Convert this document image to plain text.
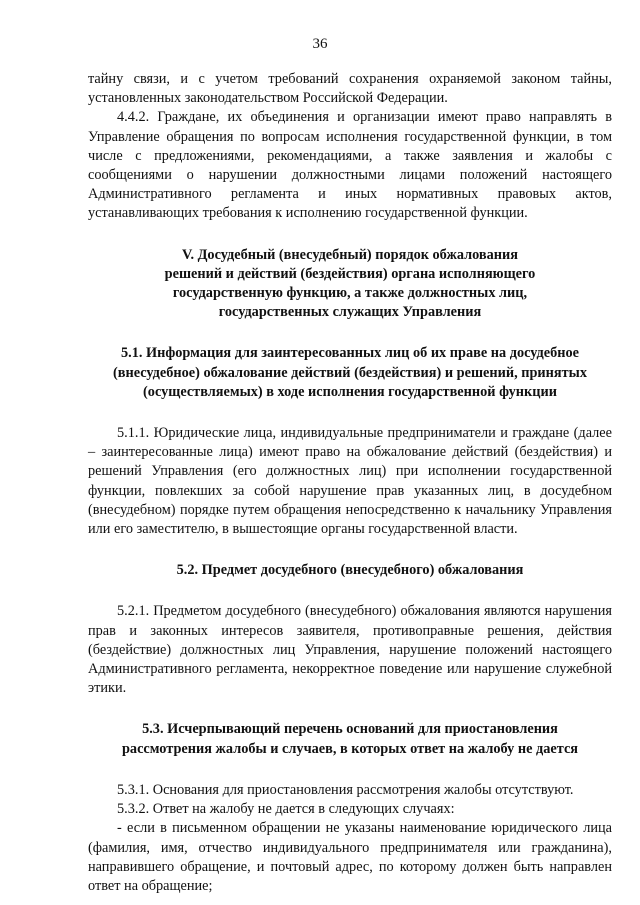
36

тайну связи, и с учетом требований сохранения охраняемой законом тайны, установленных законодательством Российской Федерации.

4.4.2. Граждане, их объединения и организации имеют право направлять в Управление обращения по вопросам исполнения государственной функции, в том числе с предложениями, рекомендациями, а также заявления и жалобы с сообщениями о нарушении должностными лицами положений настоящего Административного регламента и иных нормативных правовых актов, устанавливающих требования к исполнению государственной функции.

V. Досудебный (внесудебный) порядок обжалования

решений и действий (бездействия) органа исполняющего

государственную функцию, а также должностных лиц,

государственных служащих Управления

5.1. Информация для заинтересованных лиц об их праве на досудебное

(внесудебное) обжалование действий (бездействия) и решений, принятых

(осуществляемых) в ходе исполнения государственной функции

5.1.1. Юридические лица, индивидуальные предприниматели и граждане (далее – заинтересованные лица) имеют право на обжалование действий (бездействия) и решений Управления (его должностных лиц) при исполнении государственной функции, повлекших за собой нарушение прав указанных лиц, в досудебном (внесудебном) порядке путем обращения непосредственно к начальнику Управления или его заместителю, в вышестоящие органы государственной власти.

5.2. Предмет досудебного (внесудебного) обжалования

5.2.1. Предметом досудебного (внесудебного) обжалования являются нарушения прав и законных интересов заявителя, противоправные решения, действия (бездействие) должностных лиц Управления, нарушение положений настоящего Административного регламента, некорректное поведение или нарушение служебной этики.

5.3. Исчерпывающий перечень оснований для приостановления

рассмотрения жалобы и случаев, в которых ответ на жалобу не дается

5.3.1. Основания для приостановления рассмотрения жалобы отсутствуют.

5.3.2. Ответ на жалобу не дается в следующих случаях:

- если в письменном обращении не указаны наименование юридического лица (фамилия, имя, отчество индивидуального предпринимателя или гражданина), направившего обращение, и почтовый адрес, по которому должен быть направлен ответ на обращение;
